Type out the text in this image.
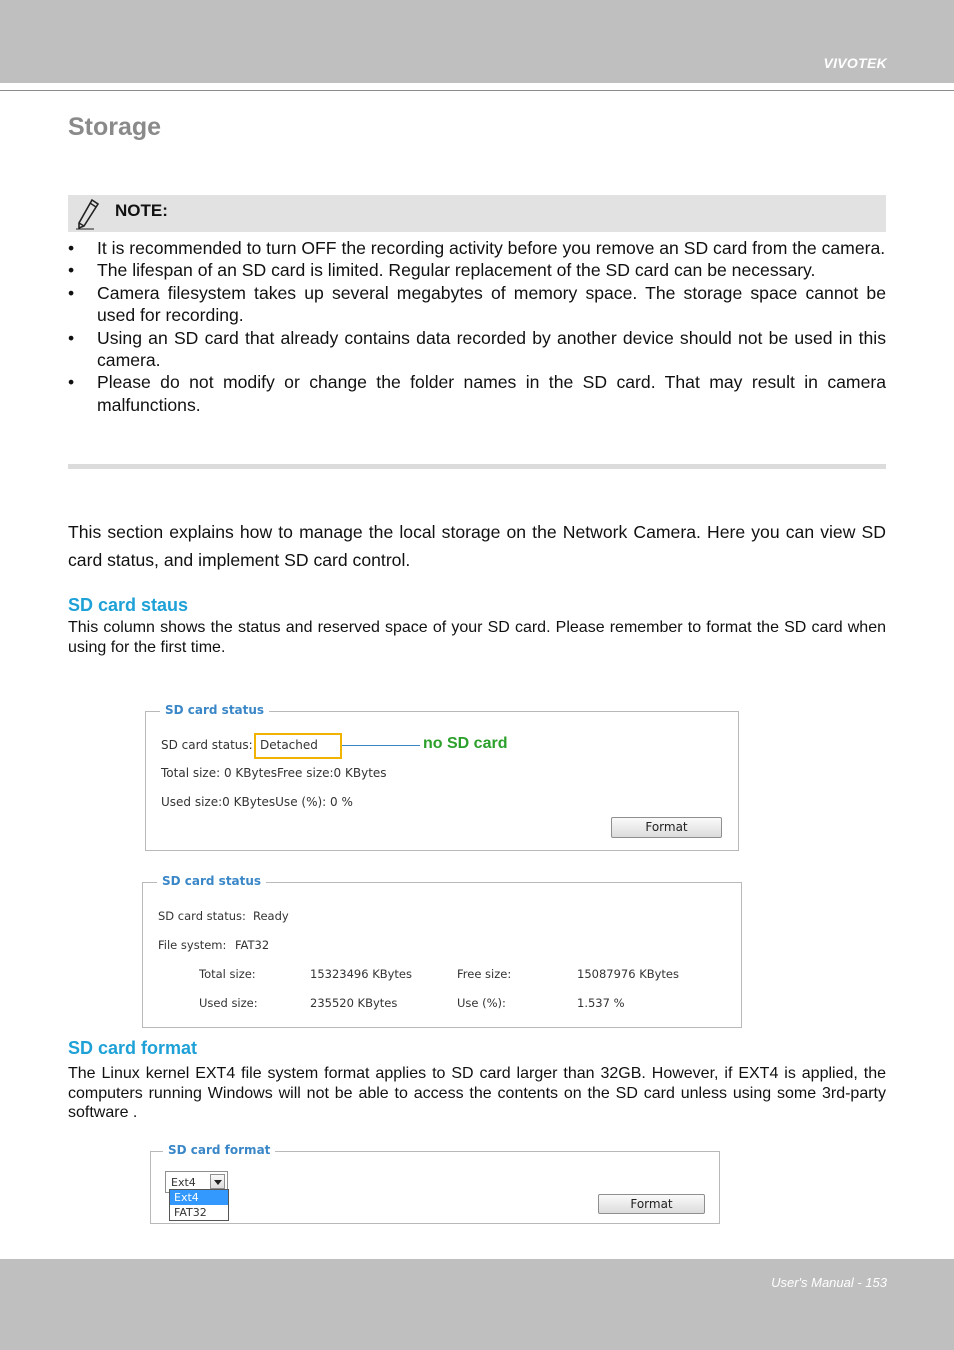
VIVOTEK
Storage
NOTE:
• It is recommended to turn OFF the recording activity before you remove an SD card from the camera.
• The lifespan of an SD card is limited. Regular replacement of the SD card can be necessary.
• Camera filesystem takes up several megabytes of memory space. The storage space cannot be used for recording.
• Using an SD card that already contains data recorded by another device should not be used in this camera.
• Please do not modify or change the folder names in the SD card. That may result in camera malfunctions.

This section explains how to manage the local storage on the Network Camera. Here you can view SD card status, and implement SD card control.

SD card staus

This column shows the status and reserved space of your SD card. Please remember to format the SD card when using for the first time.

SD card status
SD card status: Detached	no SD card
Total size: 0 KBytesFree size:0 KBytes
Used size:0 KBytesUse (%): 0 %
Format
SD card status
SD card status: Ready
File system: FAT32
Total size:	15323496 KBytes	Free size:	15087976 KBytes
Used size:	235520 KBytes	Use (%):	1.537 %
SD card format

The Linux kernel EXT4 file system format applies to SD card larger than 32GB. However, if EXT4 is applied, the computers running Windows will not be able to access the contents on the SD card unless using some 3rd-party software .

SD card format
Ext4
Ext4
FAT32
Format
User's Manual - 153
